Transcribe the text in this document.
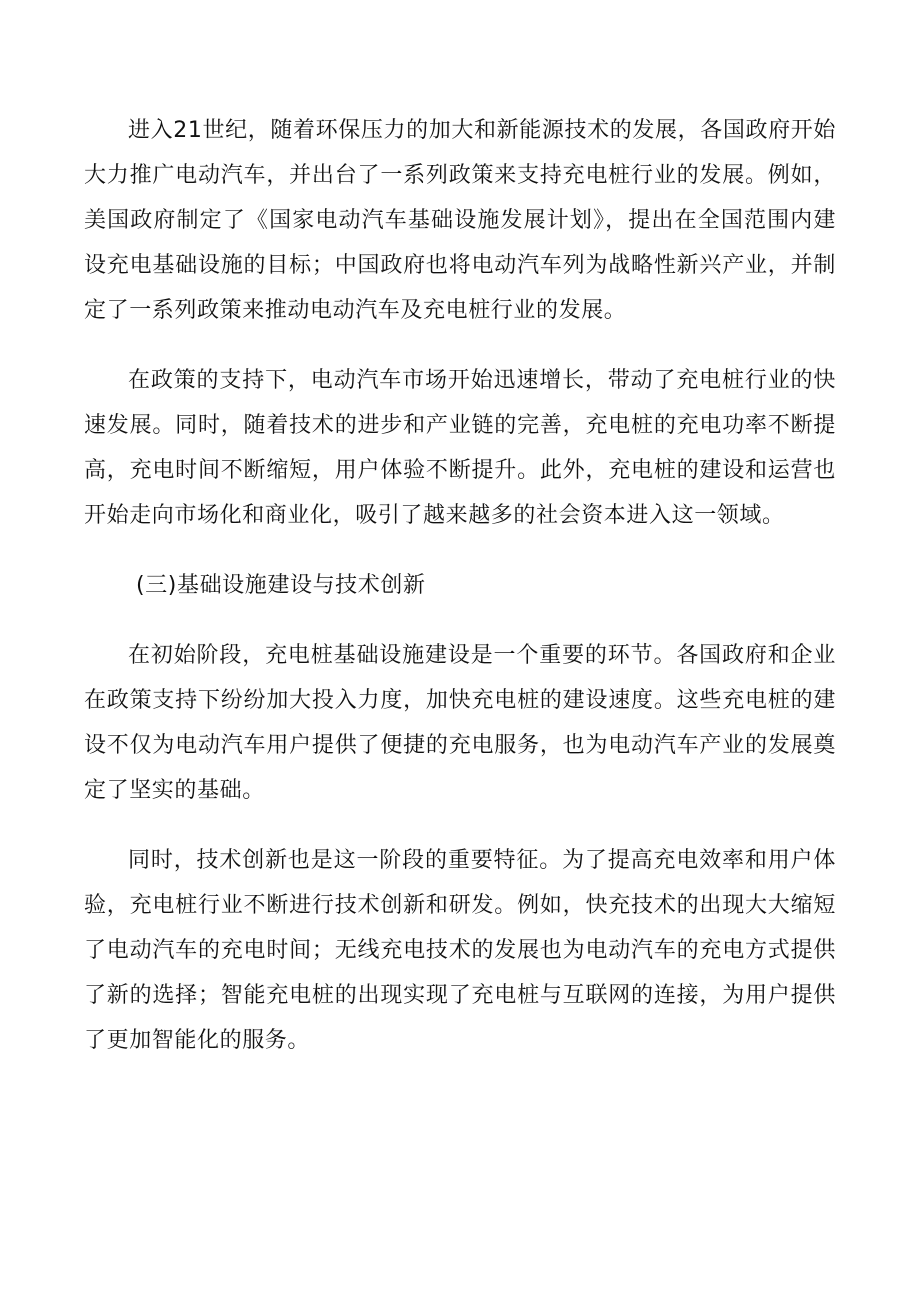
进入21世纪，随着环保压力的加大和新能源技术的发展，各国政府开始大力推广电动汽车，并出台了一系列政策来支持充电桩行业的发展。例如，美国政府制定了《国家电动汽车基础设施发展计划》，提出在全国范围内建设充电基础设施的目标；中国政府也将电动汽车列为战略性新兴产业，并制定了一系列政策来推动电动汽车及充电桩行业的发展。

在政策的支持下，电动汽车市场开始迅速增长，带动了充电桩行业的快速发展。同时，随着技术的进步和产业链的完善，充电桩的充电功率不断提高，充电时间不断缩短，用户体验不断提升。此外，充电桩的建设和运营也开始走向市场化和商业化，吸引了越来越多的社会资本进入这一领域。

(三)基础设施建设与技术创新

在初始阶段，充电桩基础设施建设是一个重要的环节。各国政府和企业在政策支持下纷纷加大投入力度，加快充电桩的建设速度。这些充电桩的建设不仅为电动汽车用户提供了便捷的充电服务，也为电动汽车产业的发展奠定了坚实的基础。

同时，技术创新也是这一阶段的重要特征。为了提高充电效率和用户体验，充电桩行业不断进行技术创新和研发。例如，快充技术的出现大大缩短了电动汽车的充电时间；无线充电技术的发展也为电动汽车的充电方式提供了新的选择；智能充电桩的出现实现了充电桩与互联网的连接，为用户提供了更加智能化的服务。
